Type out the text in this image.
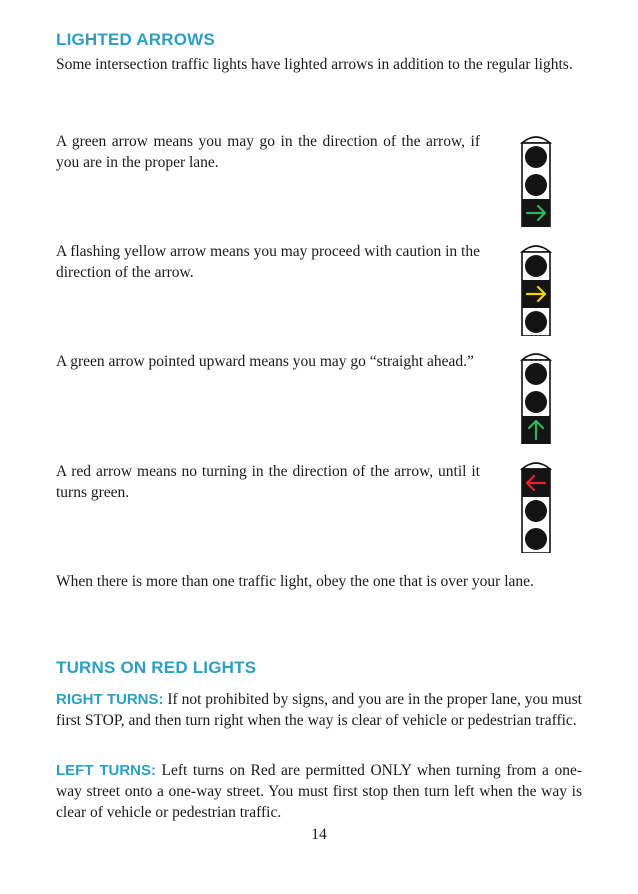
LIGHTED ARROWS

Some intersection traffic lights have lighted arrows in addition to the regular lights.

A green arrow means you may go in the direction of the arrow, if you are in the proper lane.

A flashing yellow arrow means you may proceed with caution in the direction of the arrow.

A green arrow pointed upward means you may go “straight ahead.”

A red arrow means no turning in the direction of the arrow, until it turns green.

When there is more than one traffic light, obey the one that is over your lane.

TURNS ON RED LIGHTS

RIGHT TURNS: If not prohibited by signs, and you are in the proper lane, you must first STOP, and then turn right when the way is clear of vehicle or pedestrian traffic.

LEFT TURNS: Left turns on Red are permitted ONLY when turning from a one-way street onto a one-way street. You must first stop then turn left when the way is clear of vehicle or pedestrian traffic.

14
